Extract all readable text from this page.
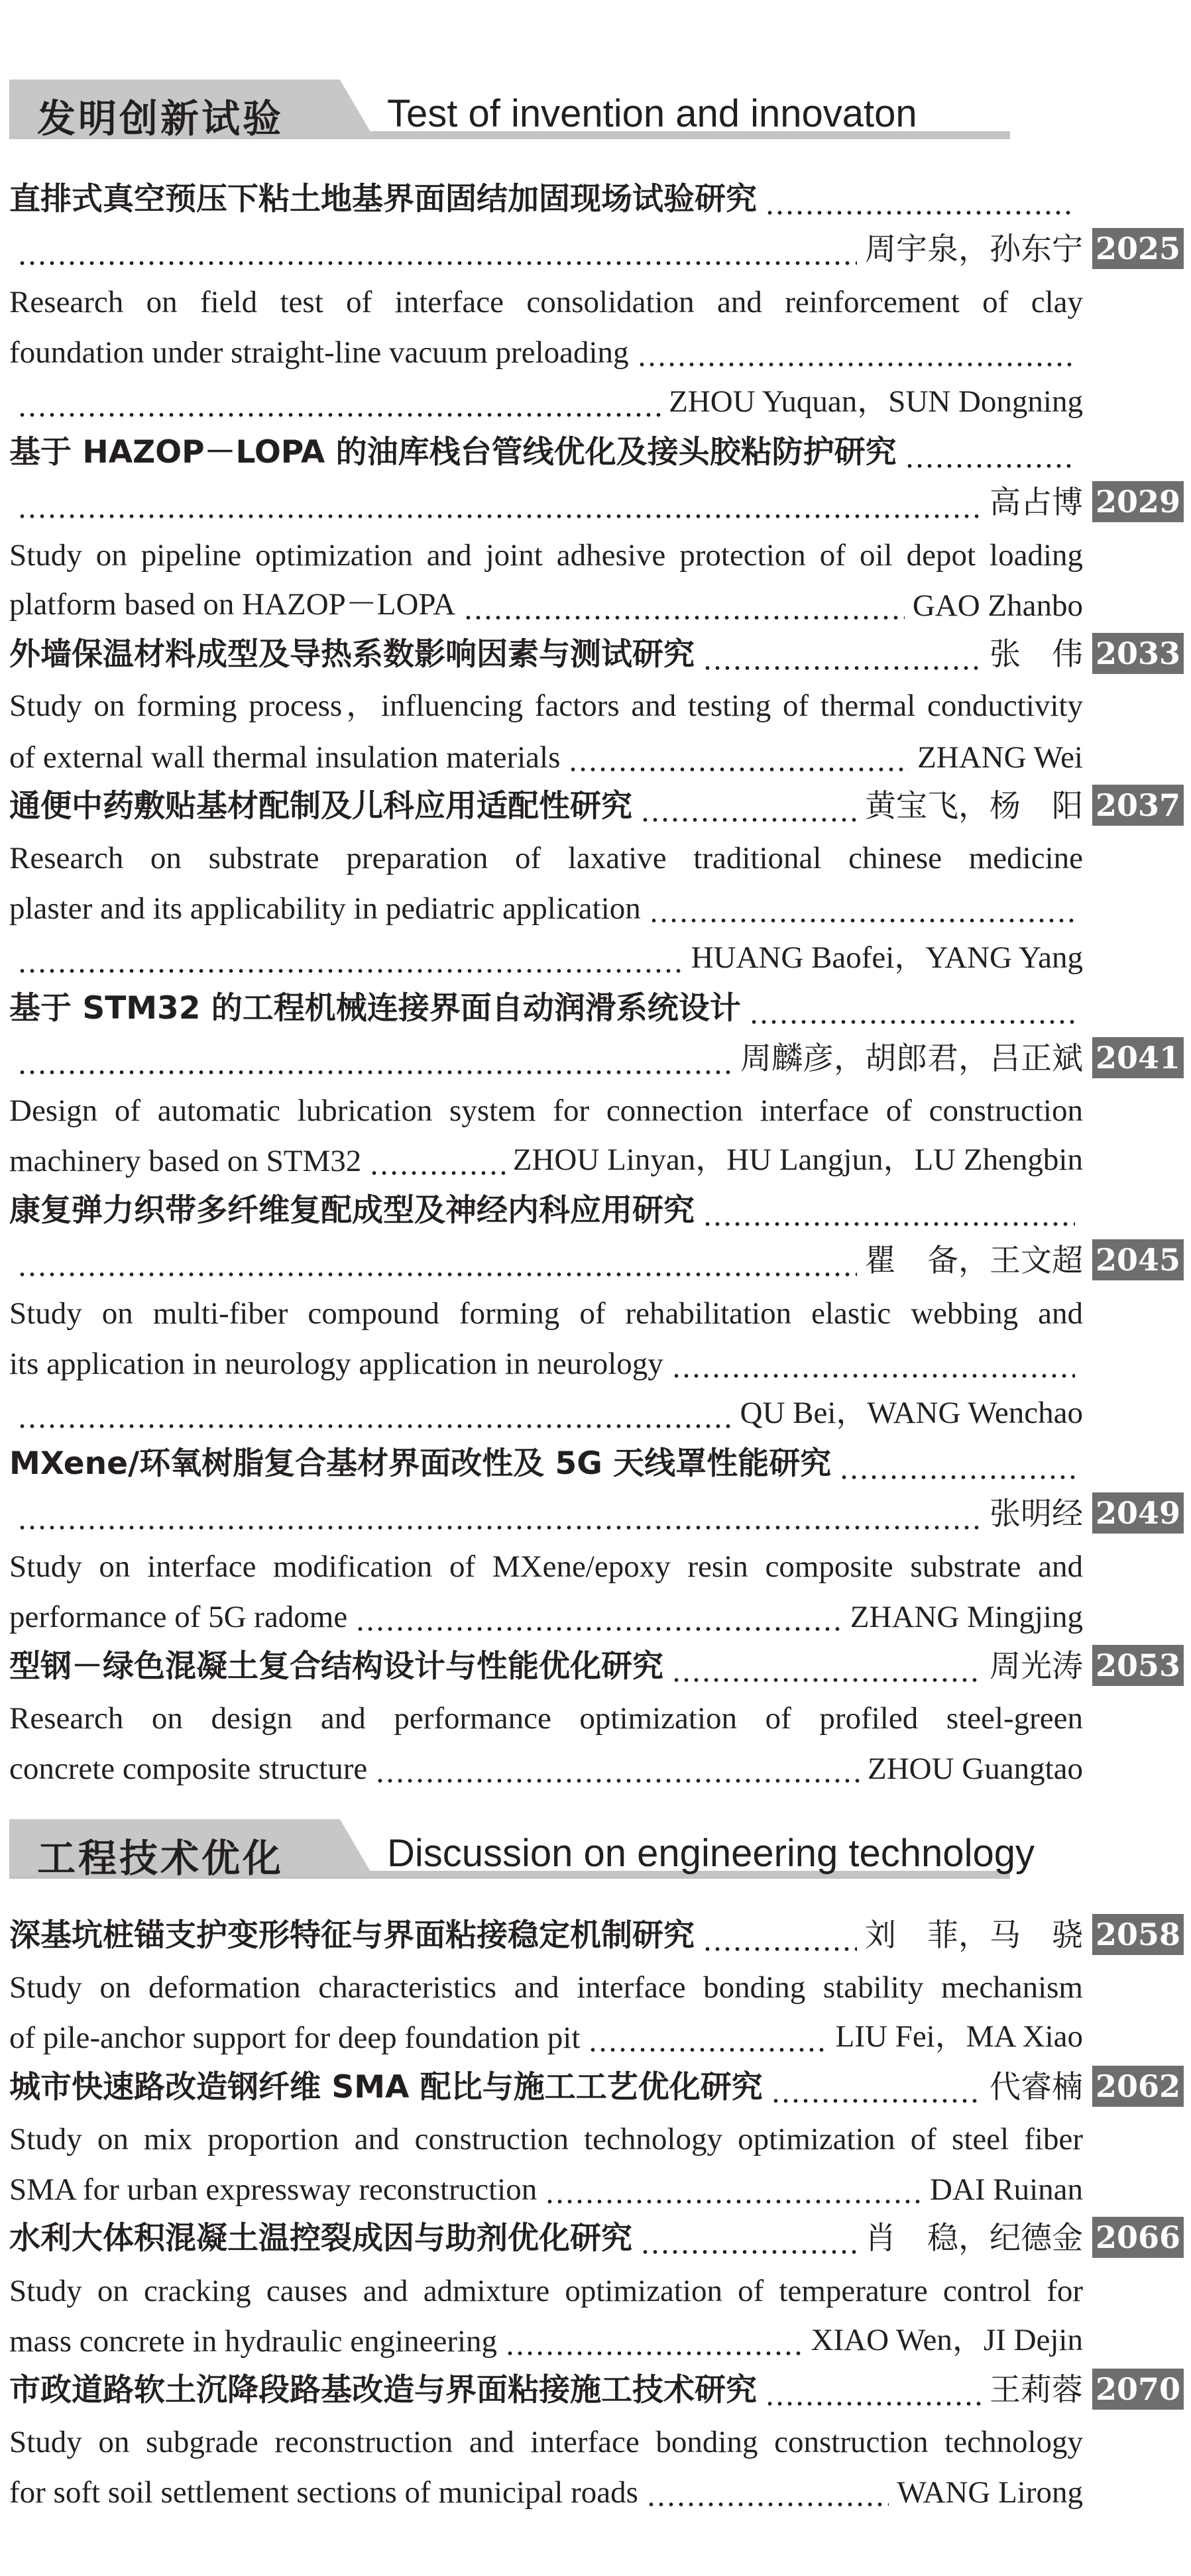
发明创新试验	Test of invention and innovaton
直排式真空预压下粘土地基界面固结加固现场试验研究
周宇泉，孙东宁 2025
Research on field test of interface consolidation and reinforcement of clay
foundation under straight-line vacuum preloading
ZHOU Yuquan，SUN Dongning
基于 HAZOP－LOPA 的油库栈台管线优化及接头胶粘防护研究
高占博 2029
Study on pipeline optimization and joint adhesive protection of oil depot loading
platform based on HAZOP－LOPA	GAO Zhanbo
外墙保温材料成型及导热系数影响因素与测试研究	张　伟 2033
Study on forming process，influencing factors and testing of thermal conductivity
of external wall thermal insulation materials	ZHANG Wei
通便中药敷贴基材配制及儿科应用适配性研究	黄宝飞，杨　阳 2037
Research on substrate preparation of laxative traditional chinese medicine
plaster and its applicability in pediatric application
HUANG Baofei，YANG Yang
基于 STM32 的工程机械连接界面自动润滑系统设计
周麟彦，胡郎君，吕正斌 2041
Design of automatic lubrication system for connection interface of construction
machinery based on STM32	ZHOU Linyan，HU Langjun，LU Zhengbin
康复弹力织带多纤维复配成型及神经内科应用研究
瞿　备，王文超 2045
Study on multi-fiber compound forming of rehabilitation elastic webbing and
its application in neurology application in neurology
QU Bei，WANG Wenchao
MXene/环氧树脂复合基材界面改性及 5G 天线罩性能研究
张明经 2049
Study on interface modification of MXene/epoxy resin composite substrate and
performance of 5G radome	ZHANG Mingjing
型钢－绿色混凝土复合结构设计与性能优化研究	周光涛 2053
Research on design and performance optimization of profiled steel-green
concrete composite structure	ZHOU Guangtao
工程技术优化	Discussion on engineering technology
深基坑桩锚支护变形特征与界面粘接稳定机制研究	刘　菲，马　骁 2058
Study on deformation characteristics and interface bonding stability mechanism
of pile-anchor support for deep foundation pit	LIU Fei，MA Xiao
城市快速路改造钢纤维 SMA 配比与施工工艺优化研究	代睿楠 2062
Study on mix proportion and construction technology optimization of steel fiber
SMA for urban expressway reconstruction	DAI Ruinan
水利大体积混凝土温控裂成因与助剂优化研究	肖　稳，纪德金 2066
Study on cracking causes and admixture optimization of temperature control for
mass concrete in hydraulic engineering	XIAO Wen，JI Dejin
市政道路软土沉降段路基改造与界面粘接施工技术研究	王莉蓉 2070
Study on subgrade reconstruction and interface bonding construction technology
for soft soil settlement sections of municipal roads	WANG Lirong
